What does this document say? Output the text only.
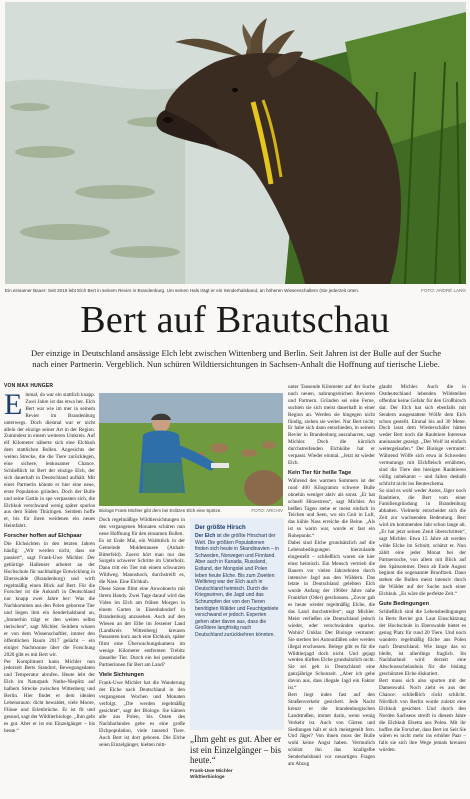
Ein einsamer Bauer: Seit 2019 lebt Elch Bert in seinem Revier in Brandenburg. Um seinen Hals trägt er ein Senderhalsband, an höheren Wiesenschaltern (Sie jederzeit orten.	FOTO: ANDRÉ LANG
Bert auf Brautschau
Der einzige in Deutschland ansässige Elch lebt zwischen Wittenberg und Berlin. Seit Jahren ist der Bulle auf der Suche nach einer Partnerin. Vergeblich. Nun schüren Wildtiersichtungen in Sachsen-Anhalt die Hoffnung auf tierische Liebe.
VON MAX HUNGER

Einmal, da war ein stattlich knapp. Zwei Jahre ist das etwa her. Elch Bert war wie im mer in seinem Revier im Brandenburg unterwegs. Doch diesmal war er nicht allein der einzige seiner Art in der Region. Zumindest in einem weiteren Umkreis. Auf elf Kilometer näherte sich eine Elchkuh dem stattlichen Bullen. Angesichts der weiten Strecke, die die Tiere zurücklegen, eine sichere, lenkosamer Chance. Schließlich ist Bert der einzige Elch, der sich dauerhaft in Deutschland aufhält. Mit einer Partnerin könnte er hier eine neue, erste Population gründen. Doch der Bulle und seine Gattin in spe verpassten sich, die Elchkuh verschwand wenig später spurlos aus dem Süden Thüringen. Seitdem hoffe er, bis für ihren weidenen ein neues Heimfahrt.

Forscher hoffen auf Elchpaar

Die Elchsichten in den letzten Jahren häufig: „Wir werden nicht, dass sie passiert“, sagt Frank-Uwe Michler. Der gebürtige Hallenser arbeitet an der Hochschule für nachhaltige Entwicklung in Eberswalde (Brandenburg) und wirft regelmäßig einen Blick auf Bert. Für die Forscher ist die Ankunft in Deutschland nur knapp zwei Jahre her: Was die Nachkommen aus den Polen geborene Tier und liegen ihm ein Senderhalsband an, „Immerhin trägt er den weiten selbst tierischen“, sagt Michler. Seitdem wissen er von dem Wissenschaftler, immer den öffentlichen Raum 2017 gelächt – ein einiger Nachtsonne über die Forschung 2020 gibt es mit Bert wir.

Per Kompliment kann Michler nun jederzeit Berts Standort, Bewegungsdaten und Temperatur abrufen. Heute lebt der Elch im Naturpark Nuthe-Nieplitz auf halbem Strecke zwischen Wittenberg und Berlin. Hier findet er dem idealen Lebensraum: dicht bewaldet, viele Moore, Flüsse und Erlenbrüche. Er ist fit und gesund, sagt der Wildtierbiologe. „Ihm geht es gut. Aber er ist ein Einzelgänger – bis heute.“

Biologe Frank Michler gibt dem bei Eslitzen Elch eine Spritze.	FOTO: ARCHIV

Doch regelmäßige Wildtiersichtungen in den vergangenen Monaten schüren nun neue Hoffnung für den einsamen Bullen.

Es ist Ende Mai, ein Waldstück in der Gemeinde Muldestausee (Anhalt-Bitterfeld). Zuerst hört man nur das Surgeln schwerer Schritte im Unterholz. Dann tritt ein Tier mit einem schwarzen Wildweg. Mannshoch, durchstreift es, die Nase. Eine Elchkuh.

Diese Szene filmt eine Anwohnerin mit ihrem Handy. Zwei Tage darauf wird das Video im Elch am frühen Morgen in einem Garten in Eisenbahndorf in Brandenburg anzusehen. Auch auf den Wiesen an der Elbe im Jessener Land (Landkreis Wittenberg) kreuzen Passanten kurz auch eine Elchkuh, später filmt eine Überwachungskamera im wenige Kilometer entfernten Trebitz dasselbe Tier. Durch ein bei potenzielle Partnerinnen für Bert am Land?

Viele Sichtungen

Frank-Uwe Michler hat die Wanderung der Elche nach Deutschland in den vergangenen Wochen und Monaten verfolgt. „Die werden regelmäßig gesichtet“, sagt der Biologe. Sie kämen alle aus Polen, bis Osten des Nachbarlandes gebe es eine große Elchpopulation, viele tausend Tiere. Auch Bert ist dort geboren. Die Elche seien Einzelgänger, hielten mitt-

Der größte Hirsch
Der Elch ist die größte Hirschart der Welt. Die größten Populationen finden sich heute in Skandinavien – in Schweden, Norwegen und Finnland. Aber auch in Kanada, Russland, Estland, der Mongolei und Polen leben heute Elche. Bis zum Zweiten Weltkrieg war der Elch auch in Deutschland heimisch. Durch die Kriegswirren, die Jagd und das Schrumpfen der von den Tieren benötigten Wälder und Feuchtgebiete verschwand er jedoch. Experten gehen aber davon aus, dass die Großtiere langfristig nach Deutschland zurückkehren könnten.
„Ihm geht es gut. Aber er ist ein Einzelgänger – bis heute.“
Frank-Uwe Michler
Wildtierbiologe

unter Tausende Kilometer auf der Suche nach neuen, nahrungsreichen Revieren und Partnern. Gründen sei eine Ferne, suchten sie sich meist dauerhaft in einer Region an. Werden sie hingegen nicht fündig, ziehen sie weiter. Nur Bert nicht; Er habe sich dann entschieden, in seinem Revier in Brandenburg auszuharren, sagt Michler. Doch die kürzlich durchstreifenden Elchkühe hat er verpasst. Wieder einmal. „Jetzt ist wieder Elch.

Kein Tier für heiße Tage

Während des warmen Sommers ist der rund 400 Kilogramm schwere Bulle ohnehin weniger aktiv als sonst. „Er hat schnell Hitzestress“, sagt Michler. An heißen Tagen stehe er meist einfach in Teichen und Seen, wo ein Gnit in Luft, das kühle Nass erreiche die Beine. „Als ist so warm war, wurde er fast ein Ruhepunkt.“

Dabei sind Elche grundsätzlich auf die Lebensbedingungen hierzulande eingestellt – schließlich waren sie hier einst heimisch. Ein Mensch vertrieb die Bauern vor vielen Jahrzehnten durch intensive Jagd aus den Wäldern. Das letzte in Deutschland gelebten Elch wurde Anfang der 1960er Jahre nahe Frankfurt (Oder) geschossen. „Zuvor gab es heute wieder regelmäßig Elche, die das Land durchstreifen“, sagt Michler. Meist verließen sie Deutschland jedoch wieder, oder verschwänden spurlos. Wohin? Unklar. Der Biologe vermutet: Sie sterben bei Autounfällen oder werden illegal erschossen. Belege gibt es für die Wildtierjagd doch nicht. Und gejagt werden dürften Elche grundsätzlich nicht. Sie sei geb in Deutschland eine ganzjährige Schonzeit. „Aber ich gehe davon aus, dass illegale Jagd ein Faktor ist.“

Bert liegt indes fast auf den Straßenverkehr gesichert. Jede Nacht kreuzt er die brandenburgischen Landstraßen, immer darin, wenn wenig Verkehr ist. Auch von Gärten und Siedlungen hält er sich meistgeteilt fern. Und Jäger? Von ihnen muss der Bulle wohl keine Angst haben. Vermutlich schützt ihn das knallgelbe Senderhalsband vor neuartigen Fragen am Abzug

glaubt Michler. Auch die in Ostdeutschland lebenden Wildstellen offenbar keine Gefahr für den Großhirsch dar. Der Elch hat sich ebenfalls mit Sendern ausgestattete Wölfe dem Elch schon gestellt. Einmal bis auf 30 Meter. Doch lasst dem Wiederschäfer hätten weder Bert noch die Raubtiere Interesse aneinander gezeigt. „Der Wolf ist einfach weitergelaufen.“ Der Biologe vermutet: Während Wölfe sich etwa in Schweden vermutungs mit Elchfleisch ernährten, sind die Tiere den hiesigen Raubtieren völlig unbekannt – und fallen deshalb schlicht nicht ins Beuteschema.

So sind es wohl weder Autos, Jäger noch Raubtiere, die Bert vom einer Familiengründung in Brandenburg abhalten. Vielmehr entscheidet sich die Zeit zur wachsenden Bedeutung. Bert wird im kommenden Jahr schon lange alt. „Er hat jetzt seinen Zenit überschritten“, sagt Michler. Etwa 15 Jahre alt werden wilde Elche im Schnitt, schätzt er. Nun zählt eine jeder Monat bei der Partnersuche, von allem mit Blick auf den Spätsommer. Denn ab Ende August beginnt die sogenannte Brunftzeit. Dann stehen die Bullen meist intensiv durch die Wälder auf der Suche nach einer Elchkuh. „Es wäre die perfekte Zeit.“

Gute Bedingungen

Schließlich sind die Lebensbedingungen in Berts Revier gut. Laut Einschätzung der Hochschule in Eberswalde bietet es genug Platz für rund 20 Tiere. Und noch wandern regelmäßig Elche aus Polen nach Deutschland. Wie lange das so bleibt, ist allerdings fraglich. Im Nachbarland wird derzeit eine Abschussschelaubnis für die bislang geschützten Elche diskutiert.

Bert muss sich also spurten mit der Damenwahl. Noch zieht es aus der Chance: schließlich rückt schlicht. Nördlich von Berlin wurde zuletzt eine Elchkuh gesichtet. Und durch den Norden Sachsens streift in diesem Jahre die Elchkuh Elsetta aus Polen. Mit ihr hoffen die Forscher, dass Bert im Seit Sie wären es nicht mehr ins erhöhte Paar – falls sie sich ihre Wege jemals kreuzen würden.
